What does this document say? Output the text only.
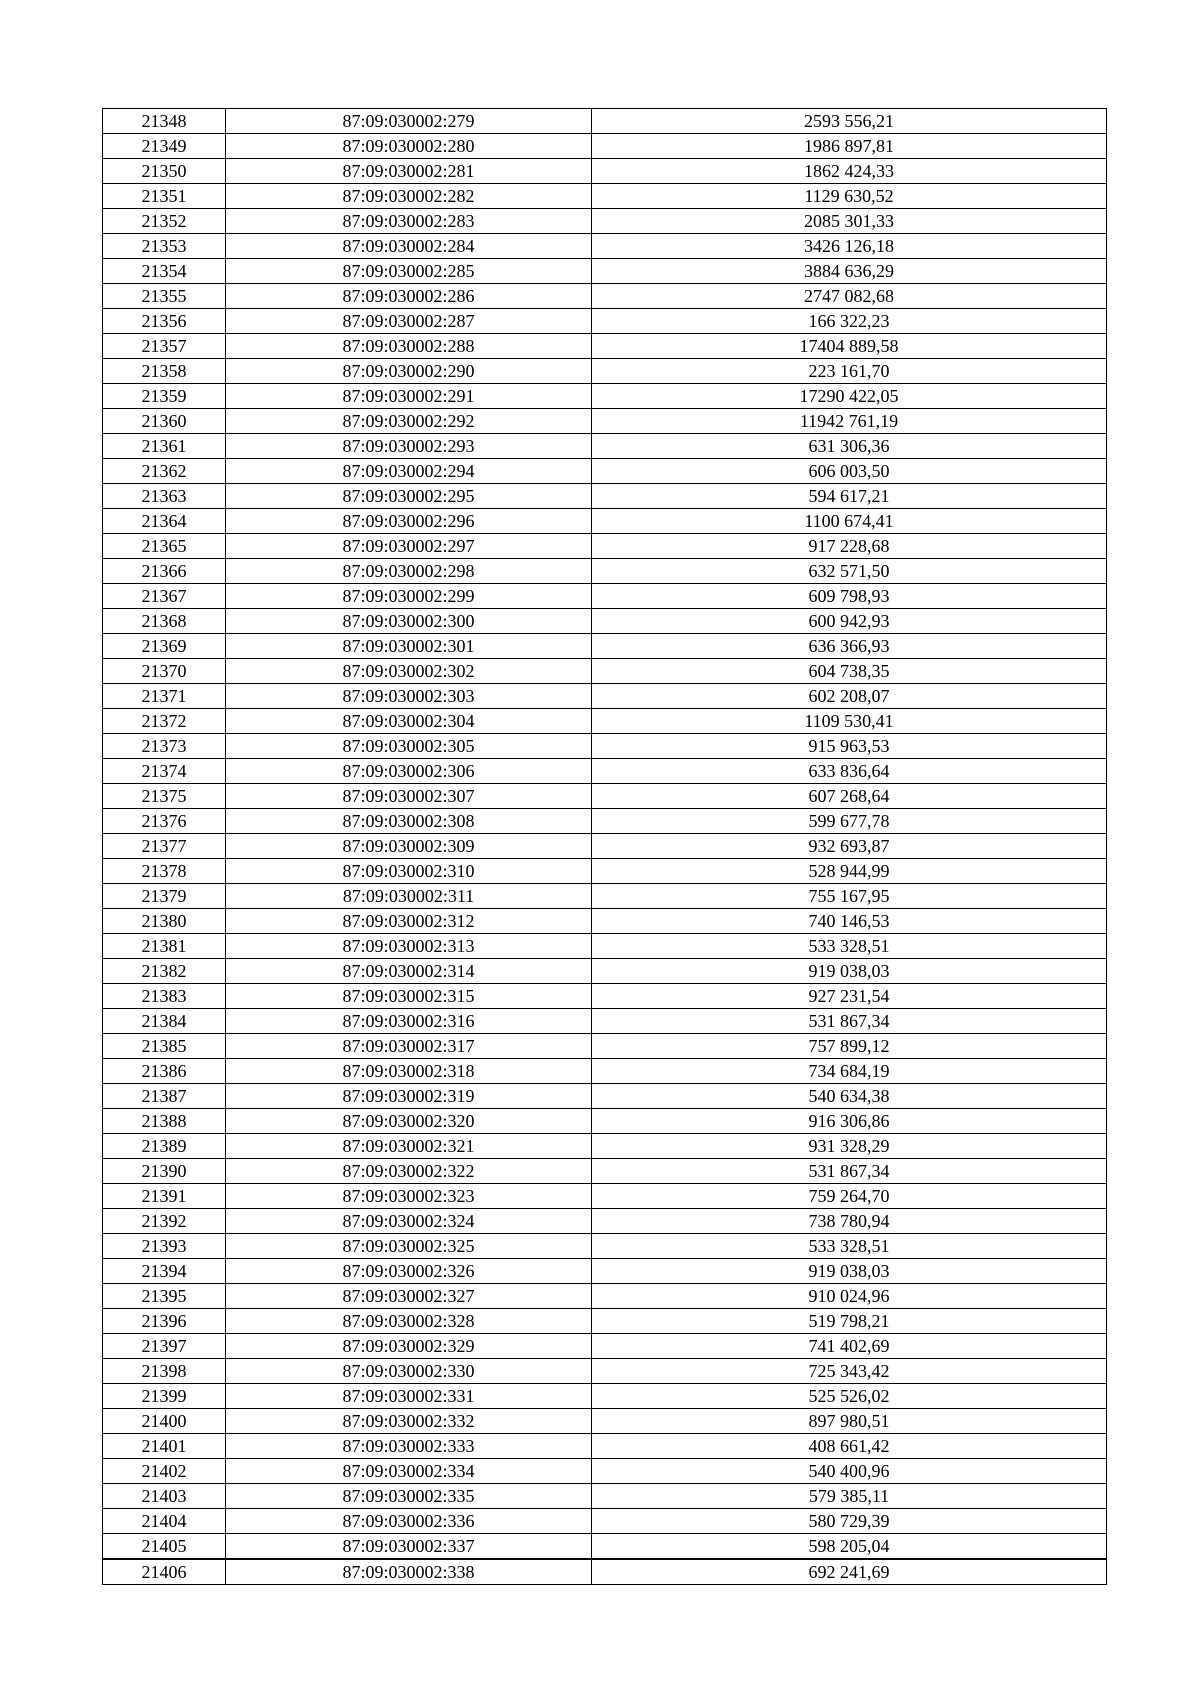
21348	87:09:030002:279	2593 556,21
21349	87:09:030002:280	1986 897,81
21350	87:09:030002:281	1862 424,33
21351	87:09:030002:282	1129 630,52
21352	87:09:030002:283	2085 301,33
21353	87:09:030002:284	3426 126,18
21354	87:09:030002:285	3884 636,29
21355	87:09:030002:286	2747 082,68
21356	87:09:030002:287	166 322,23
21357	87:09:030002:288	17404 889,58
21358	87:09:030002:290	223 161,70
21359	87:09:030002:291	17290 422,05
21360	87:09:030002:292	11942 761,19
21361	87:09:030002:293	631 306,36
21362	87:09:030002:294	606 003,50
21363	87:09:030002:295	594 617,21
21364	87:09:030002:296	1100 674,41
21365	87:09:030002:297	917 228,68
21366	87:09:030002:298	632 571,50
21367	87:09:030002:299	609 798,93
21368	87:09:030002:300	600 942,93
21369	87:09:030002:301	636 366,93
21370	87:09:030002:302	604 738,35
21371	87:09:030002:303	602 208,07
21372	87:09:030002:304	1109 530,41
21373	87:09:030002:305	915 963,53
21374	87:09:030002:306	633 836,64
21375	87:09:030002:307	607 268,64
21376	87:09:030002:308	599 677,78
21377	87:09:030002:309	932 693,87
21378	87:09:030002:310	528 944,99
21379	87:09:030002:311	755 167,95
21380	87:09:030002:312	740 146,53
21381	87:09:030002:313	533 328,51
21382	87:09:030002:314	919 038,03
21383	87:09:030002:315	927 231,54
21384	87:09:030002:316	531 867,34
21385	87:09:030002:317	757 899,12
21386	87:09:030002:318	734 684,19
21387	87:09:030002:319	540 634,38
21388	87:09:030002:320	916 306,86
21389	87:09:030002:321	931 328,29
21390	87:09:030002:322	531 867,34
21391	87:09:030002:323	759 264,70
21392	87:09:030002:324	738 780,94
21393	87:09:030002:325	533 328,51
21394	87:09:030002:326	919 038,03
21395	87:09:030002:327	910 024,96
21396	87:09:030002:328	519 798,21
21397	87:09:030002:329	741 402,69
21398	87:09:030002:330	725 343,42
21399	87:09:030002:331	525 526,02
21400	87:09:030002:332	897 980,51
21401	87:09:030002:333	408 661,42
21402	87:09:030002:334	540 400,96
21403	87:09:030002:335	579 385,11
21404	87:09:030002:336	580 729,39
21405	87:09:030002:337	598 205,04
21406	87:09:030002:338	692 241,69
